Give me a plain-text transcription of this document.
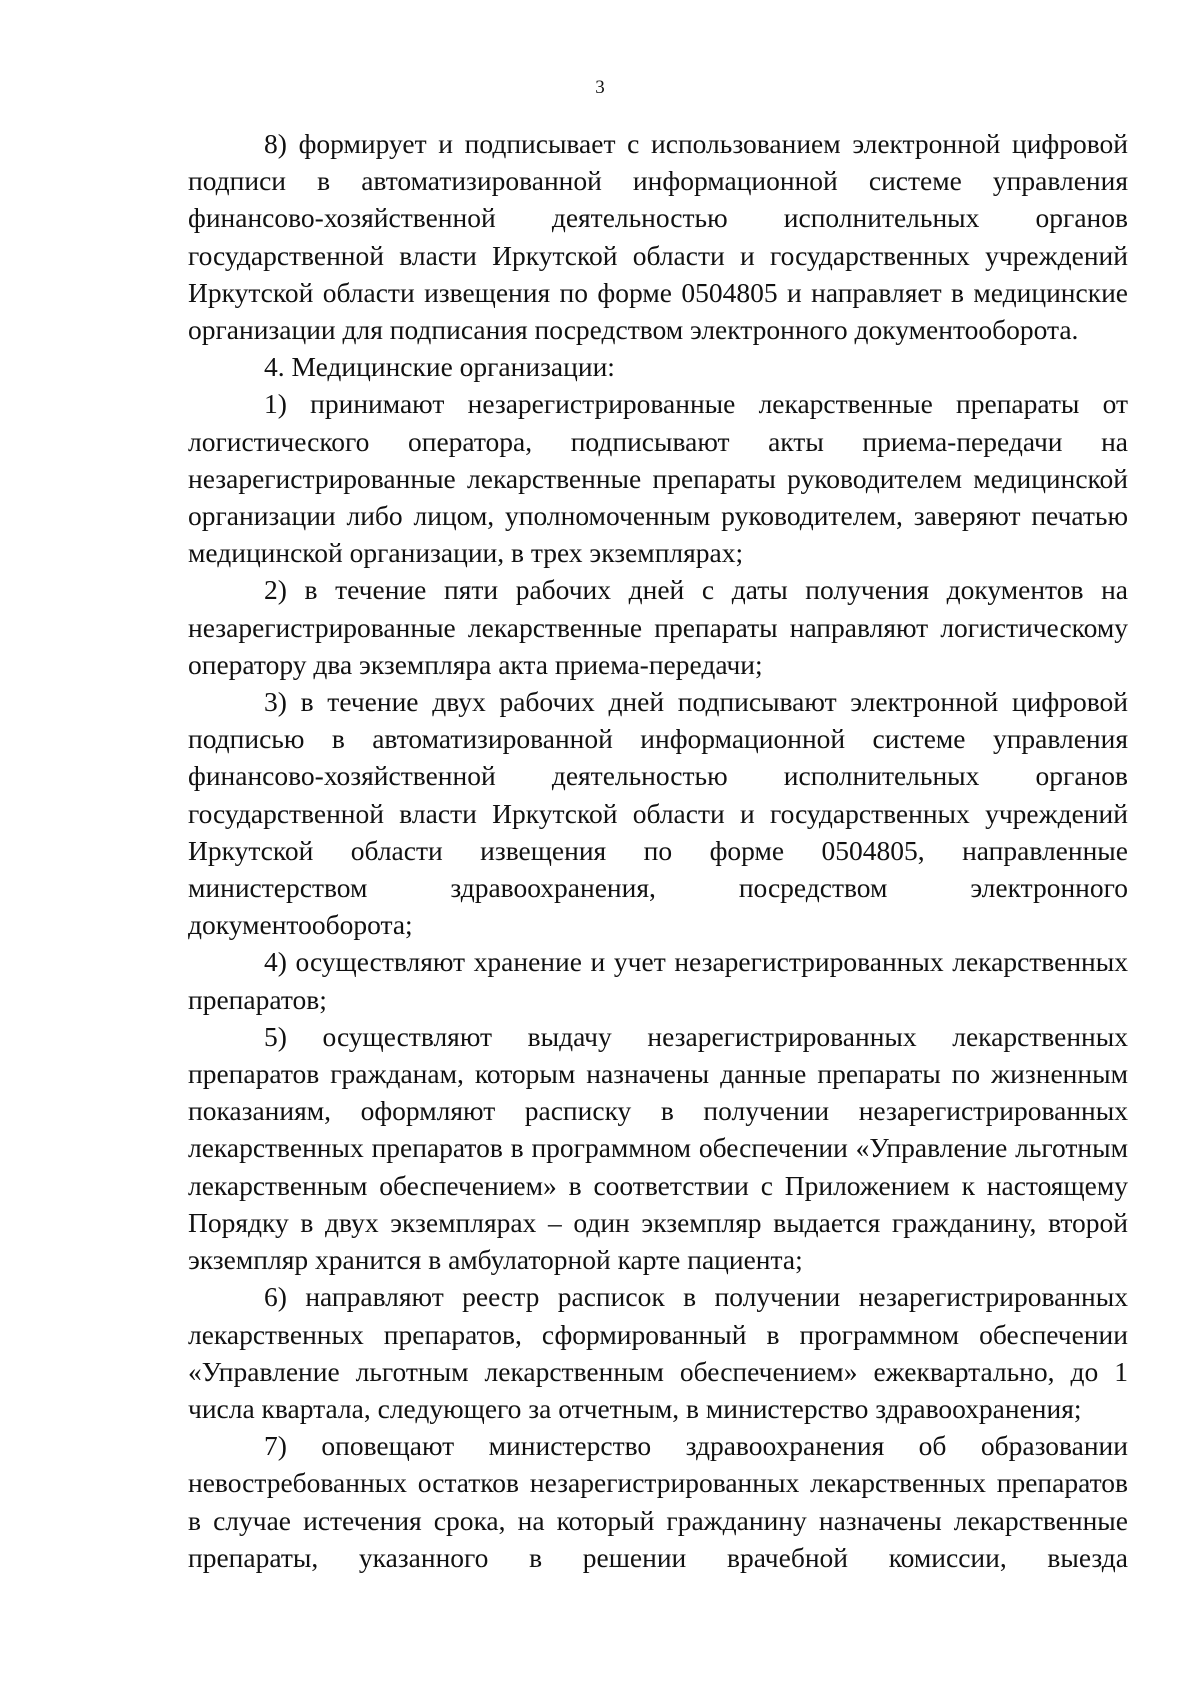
3

8) формирует и подписывает с использованием электронной цифровой подписи в автоматизированной информационной системе управления финансово-хозяйственной деятельностью исполнительных органов государственной власти Иркутской области и государственных учреждений Иркутской области извещения по форме 0504805 и направляет в медицинские организации для подписания посредством электронного документооборота.

4. Медицинские организации:

1) принимают незарегистрированные лекарственные препараты от логистического оператора, подписывают акты приема-передачи на незарегистрированные лекарственные препараты руководителем медицинской организации либо лицом, уполномоченным руководителем, заверяют печатью медицинской организации, в трех экземплярах;

2) в течение пяти рабочих дней с даты получения документов на незарегистрированные лекарственные препараты направляют логистическому оператору два экземпляра акта приема-передачи;

3) в течение двух рабочих дней подписывают электронной цифровой подписью в автоматизированной информационной системе управления финансово-хозяйственной деятельностью исполнительных органов государственной власти Иркутской области и государственных учреждений Иркутской области извещения по форме 0504805, направленные министерством здравоохранения, посредством электронного документооборота;

4) осуществляют хранение и учет незарегистрированных лекарственных препаратов;

5) осуществляют выдачу незарегистрированных лекарственных препаратов гражданам, которым назначены данные препараты по жизненным показаниям, оформляют расписку в получении незарегистрированных лекарственных препаратов в программном обеспечении «Управление льготным лекарственным обеспечением» в соответствии с Приложением к настоящему Порядку в двух экземплярах – один экземпляр выдается гражданину, второй экземпляр хранится в амбулаторной карте пациента;

6) направляют реестр расписок в получении незарегистрированных лекарственных препаратов, сформированный в программном обеспечении «Управление льготным лекарственным обеспечением» ежеквартально, до 1 числа квартала, следующего за отчетным, в министерство здравоохранения;

7) оповещают министерство здравоохранения об образовании невостребованных остатков незарегистрированных лекарственных препаратов в случае истечения срока, на который гражданину назначены лекарственные препараты, указанного в решении врачебной комиссии, выезда
